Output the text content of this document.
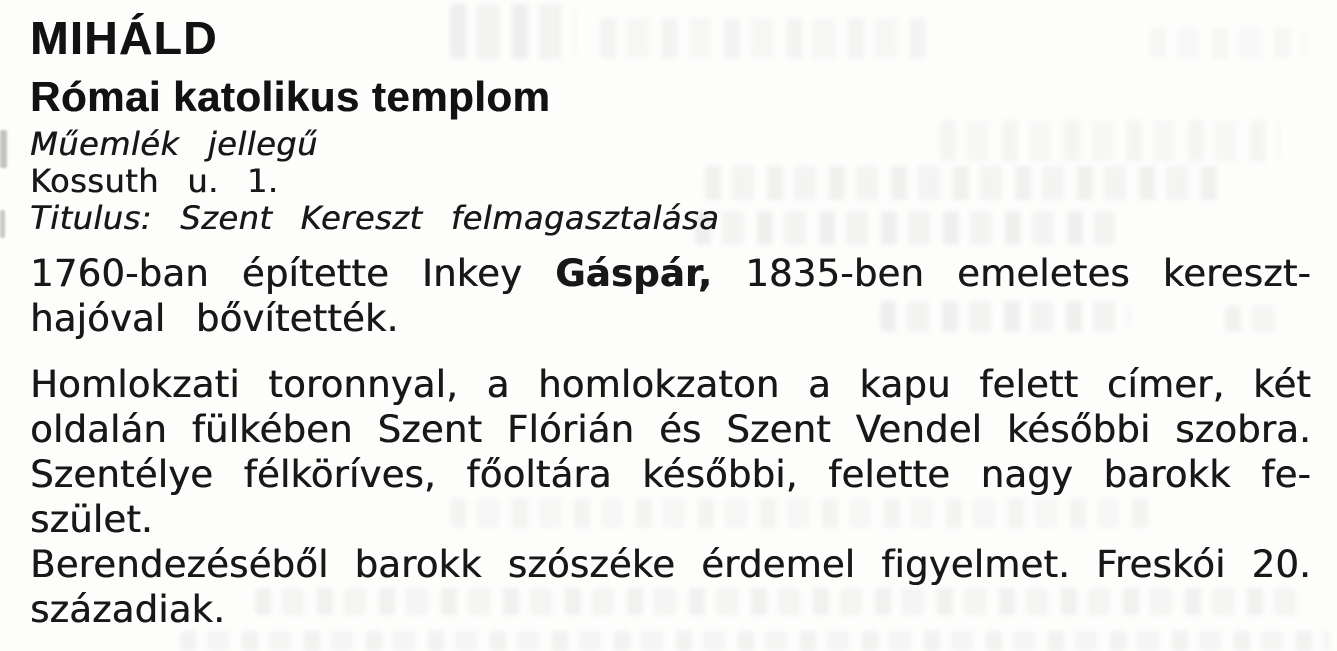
MIHÁLD
Római katolikus templom
Műemlék jellegű
Kossuth u. 1.
Titulus: Szent Kereszt felmagasztalása
1760-ban építette Inkey Gáspár, 1835-ben emeletes kereszt-
hajóval bővítették.
Homlokzati toronnyal, a homlokzaton a kapu felett címer, két
oldalán fülkében Szent Flórián és Szent Vendel későbbi szobra.
Szentélye félköríves, főoltára későbbi, felette nagy barokk fe-
szület.
Berendezéséből barokk szószéke érdemel figyelmet. Freskói 20.
századiak.
